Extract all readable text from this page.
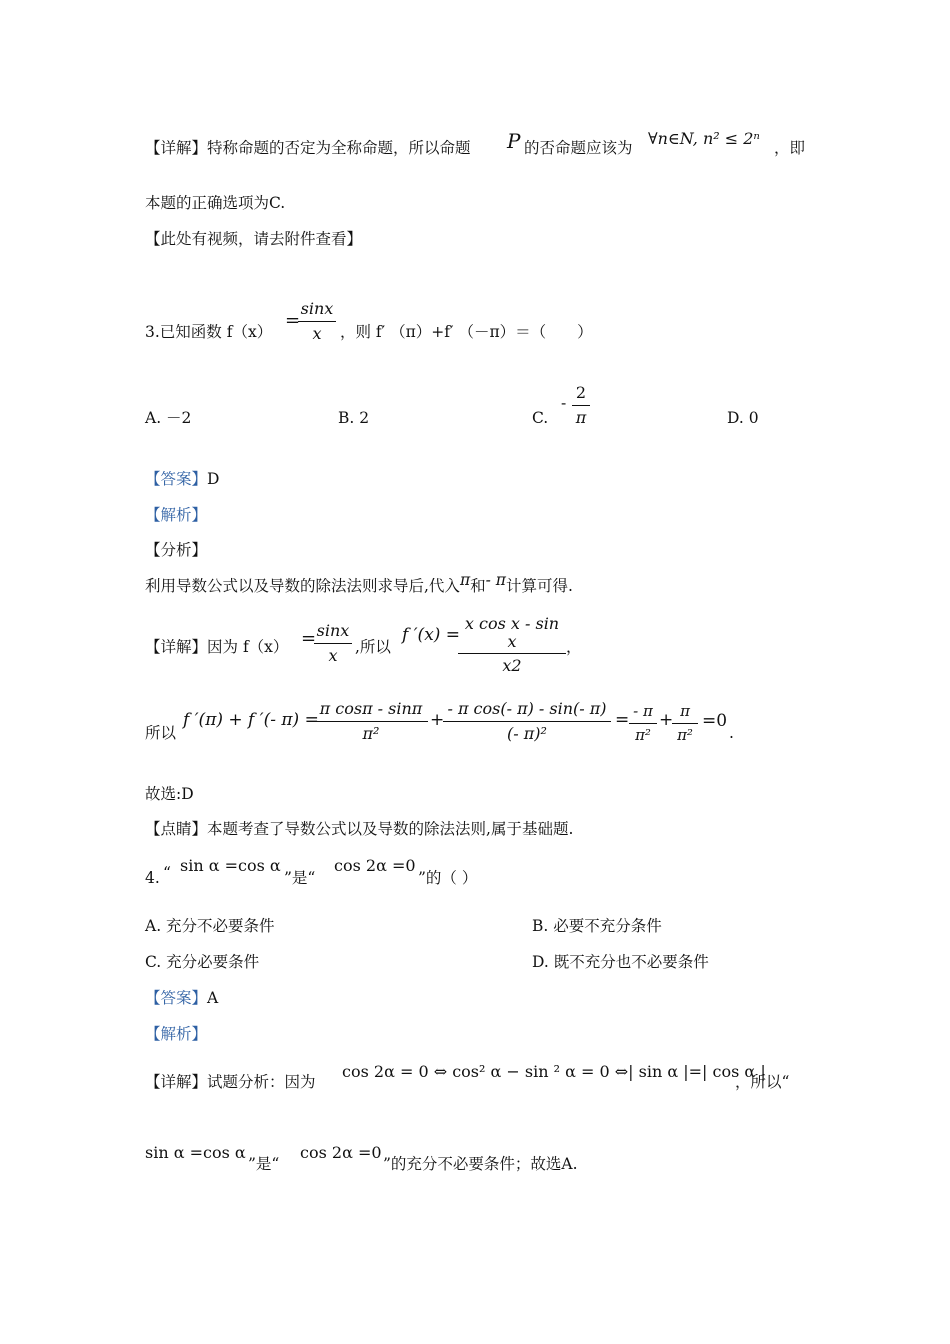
【详解】特称命题的否定为全称命题，所以命题 P 的否命题应该为 ∀n∈N, n² ≤ 2ⁿ ，即
本题的正确选项为C.
【此处有视频，请去附件查看】
3.已知函数 f（x）
=
sinx
x	，则 f′ （π）+f′ （－π）＝（　　）
A. －2	B. 2	C.
-
2
π	D. 0
【答案】D
【解析】
【分析】
利用导数公式以及导数的除法法则求导后,代入π和- π计算可得.
【详解】因为 f（x） = sinx
x	,所以
f ′(x) =
x cos x - sin x
x2
，
所以
f ′(π) + f ′(- π) =
π cosπ - sinπ
π²
+
- π cos(- π) - sin(- π)
(- π)²
= - π
π²
+ π
π²
=0
.
故选:D
【点睛】本题考查了导数公式以及导数的除法法则,属于基础题.
4. “ sin α =cos α
”是“
cos 2α =0
”的（ ）
A. 充分不必要条件	B. 必要不充分条件
C. 充分必要条件	D. 既不充分也不必要条件
【答案】A
【解析】
【详解】试题分析：因为
cos 2α = 0 ⇔ cos² α − sin ² α = 0 ⇔| sin α |=| cos α |
，所以“
sin α =cos α
”是“
cos 2α =0
”的充分不必要条件；故选A.
